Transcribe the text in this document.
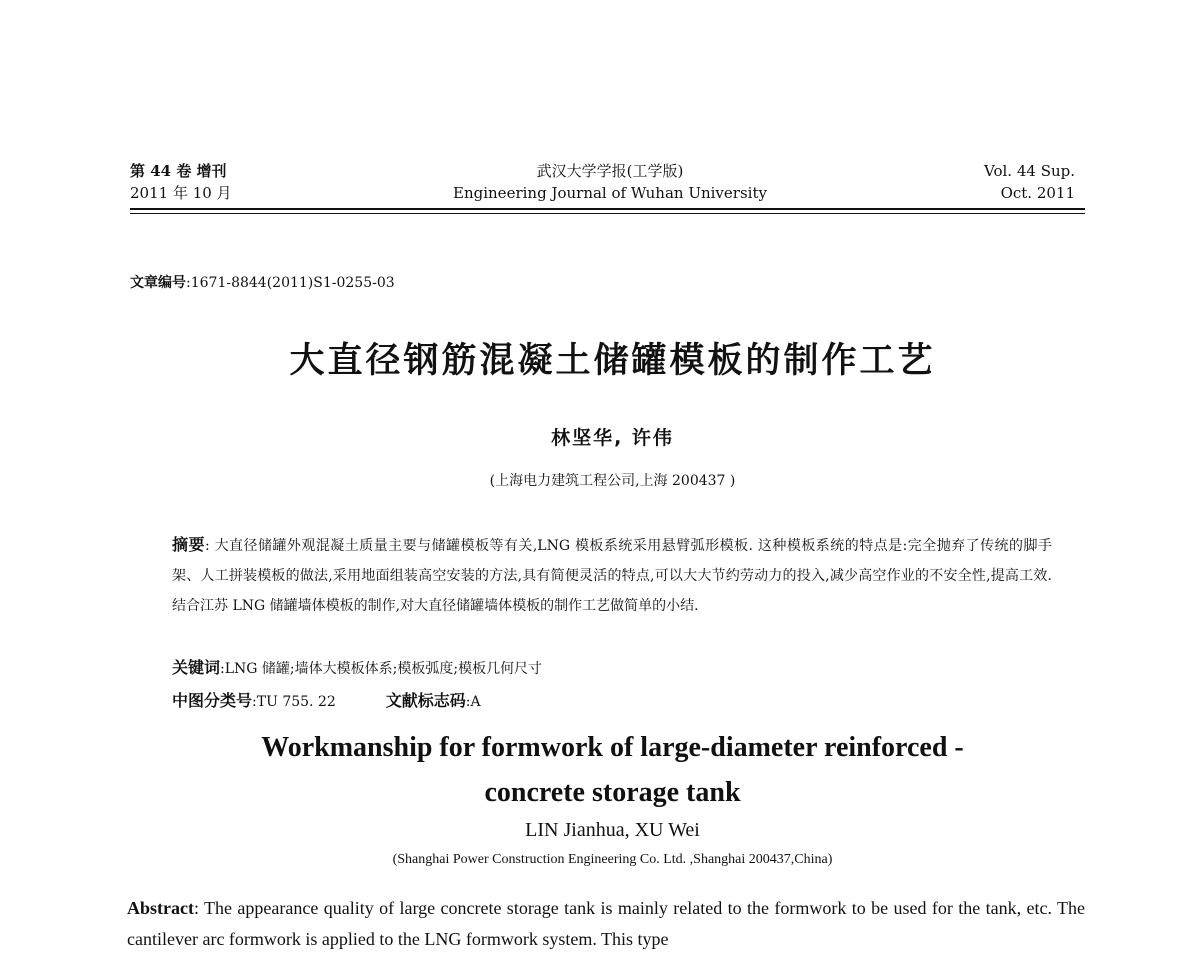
第 44 卷 增刊
2011 年 10 月
武汉大学学报(工学版)
Engineering Journal of Wuhan University
Vol. 44 Sup.
Oct. 2011
文章编号:1671-8844(2011)S1-0255-03
大直径钢筋混凝土储罐模板的制作工艺
林坚华, 许伟
(上海电力建筑工程公司,上海 200437 )
摘要: 大直径储罐外观混凝土质量主要与储罐模板等有关,LNG 模板系统采用悬臂弧形模板. 这种模板系统的特点是:完全抛弃了传统的脚手架、人工拼装模板的做法,采用地面组装高空安装的方法,具有简便灵活的特点,可以大大节约劳动力的投入,减少高空作业的不安全性,提高工效. 结合江苏 LNG 储罐墙体模板的制作,对大直径储罐墙体模板的制作工艺做简单的小结.
关键词:LNG 储罐;墙体大模板体系;模板弧度;模板几何尺寸
中图分类号:TU 755. 22	文献标志码:A
Workmanship for formwork of large-diameter reinforced -
concrete storage tank
LIN Jianhua, XU Wei
(Shanghai Power Construction Engineering Co. Ltd. ,Shanghai 200437,China)
Abstract: The appearance quality of large concrete storage tank is mainly related to the formwork to be used for the tank, etc. The cantilever arc formwork is applied to the LNG formwork system. This type
